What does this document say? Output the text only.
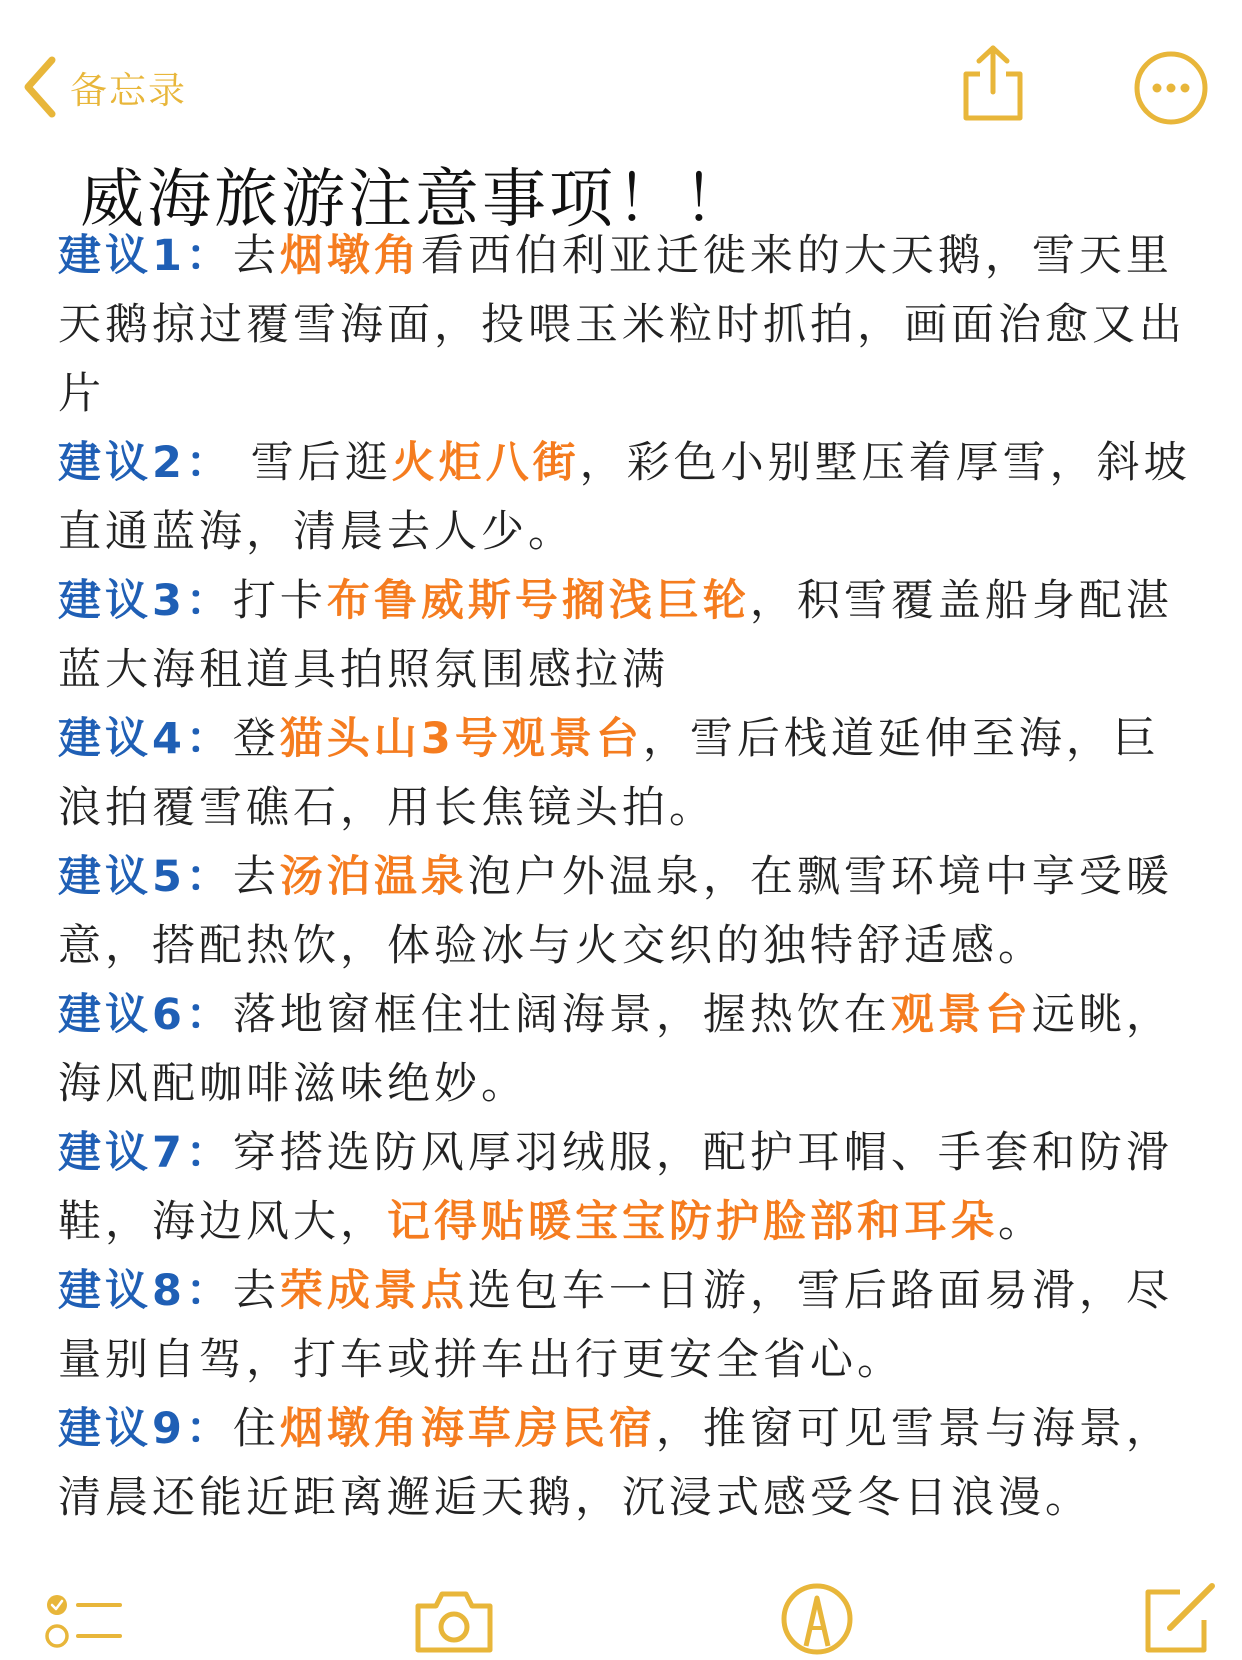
备忘录
威海旅游注意事项！！

建议1：去烟墩角看西伯利亚迁徙来的大天鹅，雪天里天鹅掠过覆雪海面，投喂玉米粒时抓拍，画面治愈又出片

建议2： 雪后逛火炬八街，彩色小别墅压着厚雪，斜坡直通蓝海，清晨去人少。

建议3：打卡布鲁威斯号搁浅巨轮，积雪覆盖船身配湛蓝大海租道具拍照氛围感拉满

建议4：登猫头山3号观景台，雪后栈道延伸至海，巨浪拍覆雪礁石，用长焦镜头拍。

建议5：去汤泊温泉泡户外温泉，在飘雪环境中享受暖意，搭配热饮，体验冰与火交织的独特舒适感。

建议6：落地窗框住壮阔海景，握热饮在观景台远眺，海风配咖啡滋味绝妙。

建议7：穿搭选防风厚羽绒服，配护耳帽、手套和防滑鞋，海边风大，记得贴暖宝宝防护脸部和耳朵。

建议8：去荣成景点选包车一日游，雪后路面易滑，尽量别自驾，打车或拼车出行更安全省心。

建议9：住烟墩角海草房民宿，推窗可见雪景与海景，清晨还能近距离邂逅天鹅，沉浸式感受冬日浪漫。
